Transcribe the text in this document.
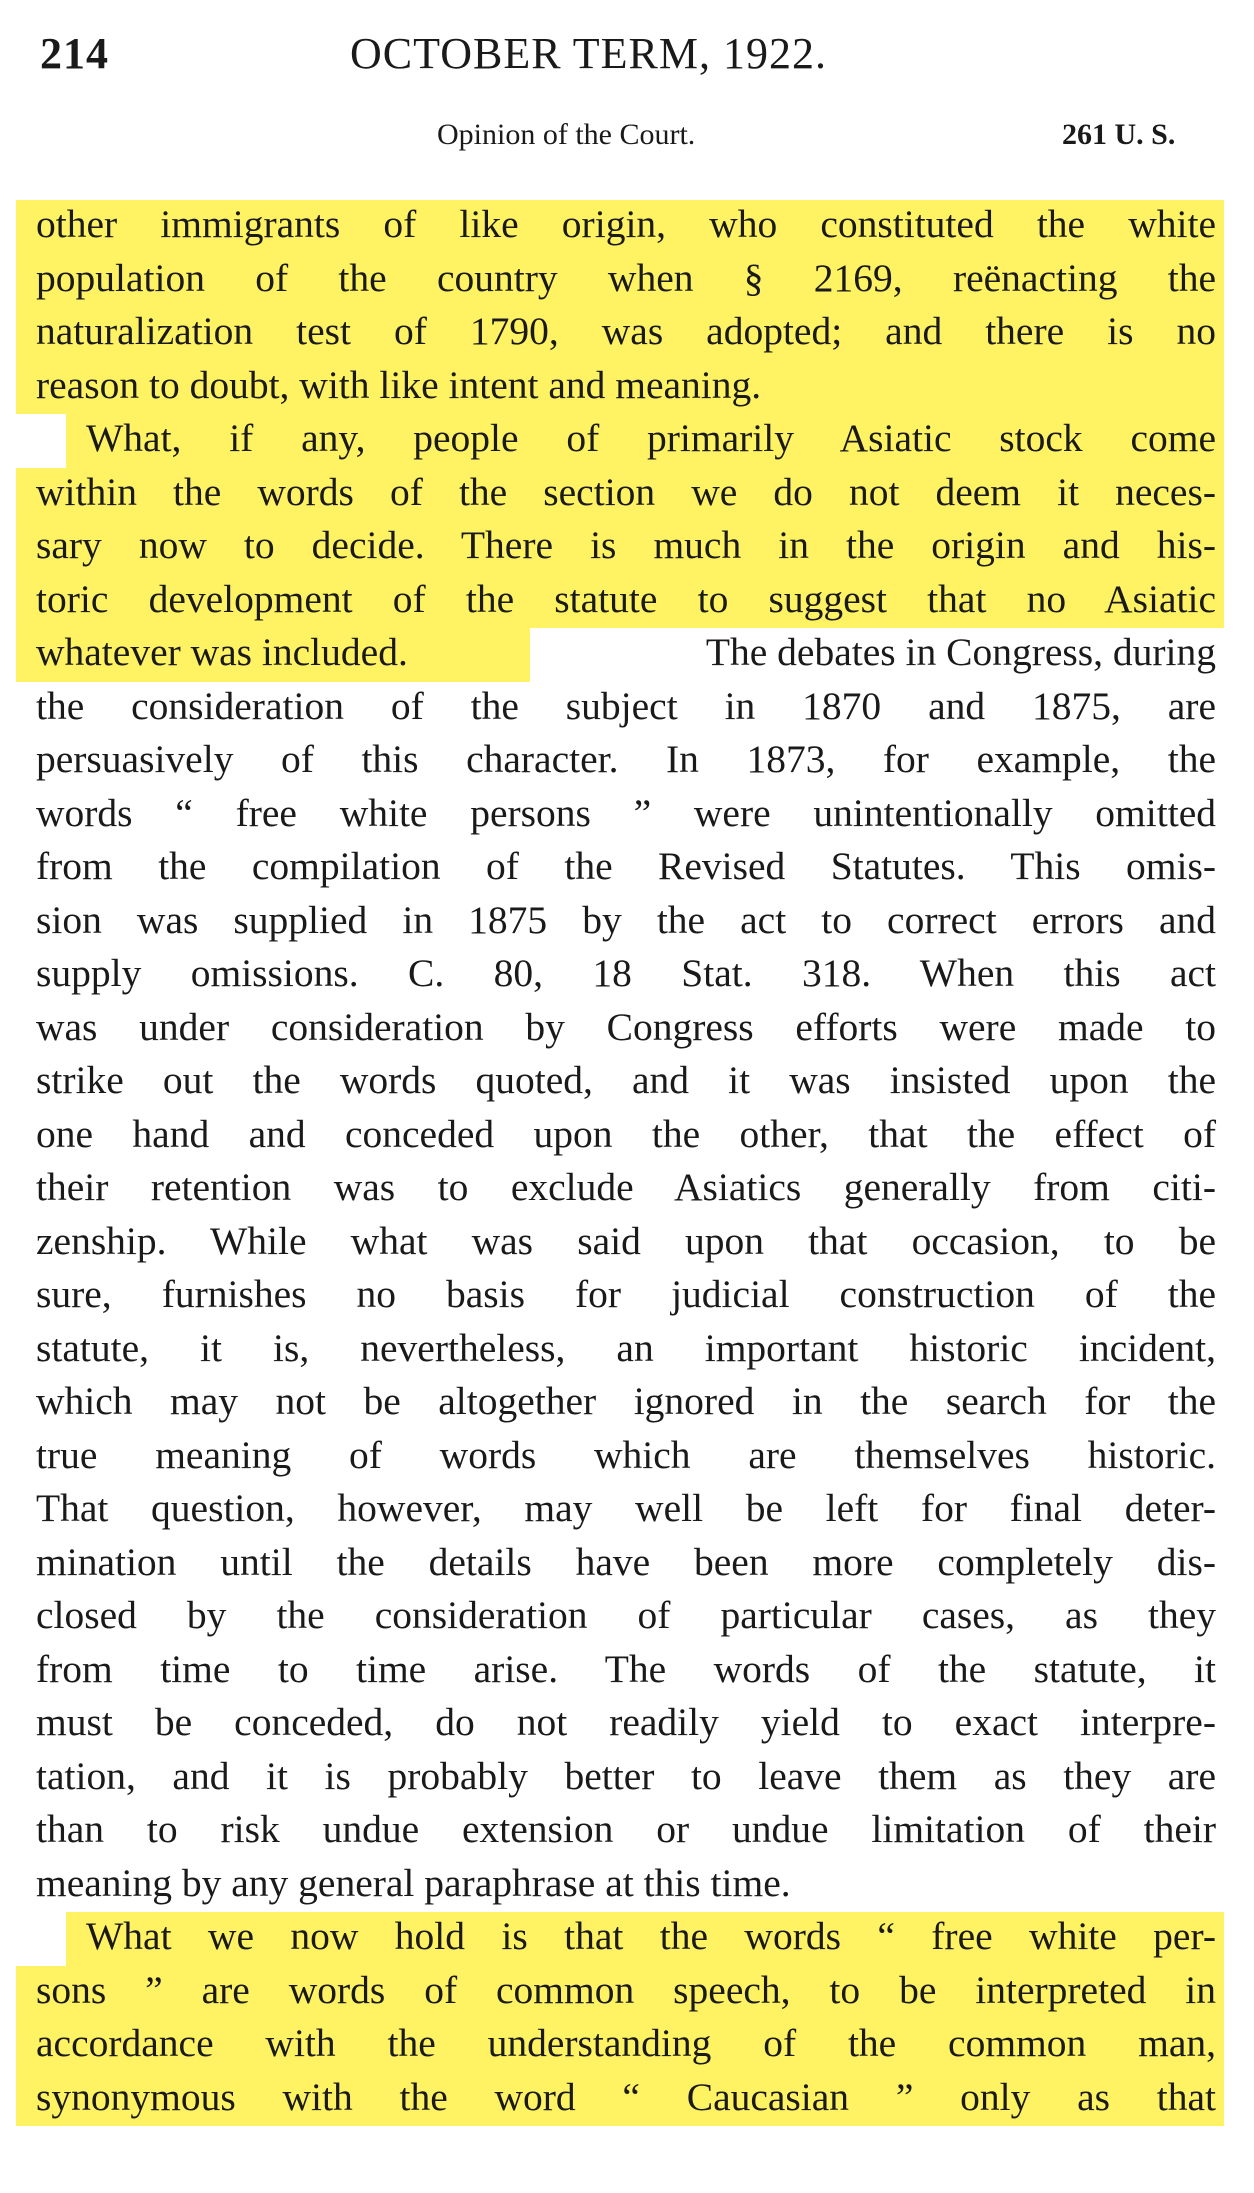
214	OCTOBER TERM, 1922.
Opinion of the Court.	261 U. S.
other immigrants of like origin, who constituted the white
population of the country when § 2169, reënacting the
naturalization test of 1790, was adopted; and there is no
reason to doubt, with like intent and meaning.
What, if any, people of primarily Asiatic stock come
within the words of the section we do not deem it neces-
sary now to decide. There is much in the origin and his-
toric development of the statute to suggest that no Asiatic
whatever was included.	The debates in Congress, during
the consideration of the subject in 1870 and 1875, are
persuasively of this character. In 1873, for example, the
words “ free white persons ” were unintentionally omitted
from the compilation of the Revised Statutes. This omis-
sion was supplied in 1875 by the act to correct errors and
supply omissions. C. 80, 18 Stat. 318. When this act
was under consideration by Congress efforts were made to
strike out the words quoted, and it was insisted upon the
one hand and conceded upon the other, that the effect of
their retention was to exclude Asiatics generally from citi-
zenship. While what was said upon that occasion, to be
sure, furnishes no basis for judicial construction of the
statute, it is, nevertheless, an important historic incident,
which may not be altogether ignored in the search for the
true meaning of words which are themselves historic.
That question, however, may well be left for final deter-
mination until the details have been more completely dis-
closed by the consideration of particular cases, as they
from time to time arise. The words of the statute, it
must be conceded, do not readily yield to exact interpre-
tation, and it is probably better to leave them as they are
than to risk undue extension or undue limitation of their
meaning by any general paraphrase at this time.
What we now hold is that the words “ free white per-
sons ” are words of common speech, to be interpreted in
accordance with the understanding of the common man,
synonymous with the word “ Caucasian ” only as that
